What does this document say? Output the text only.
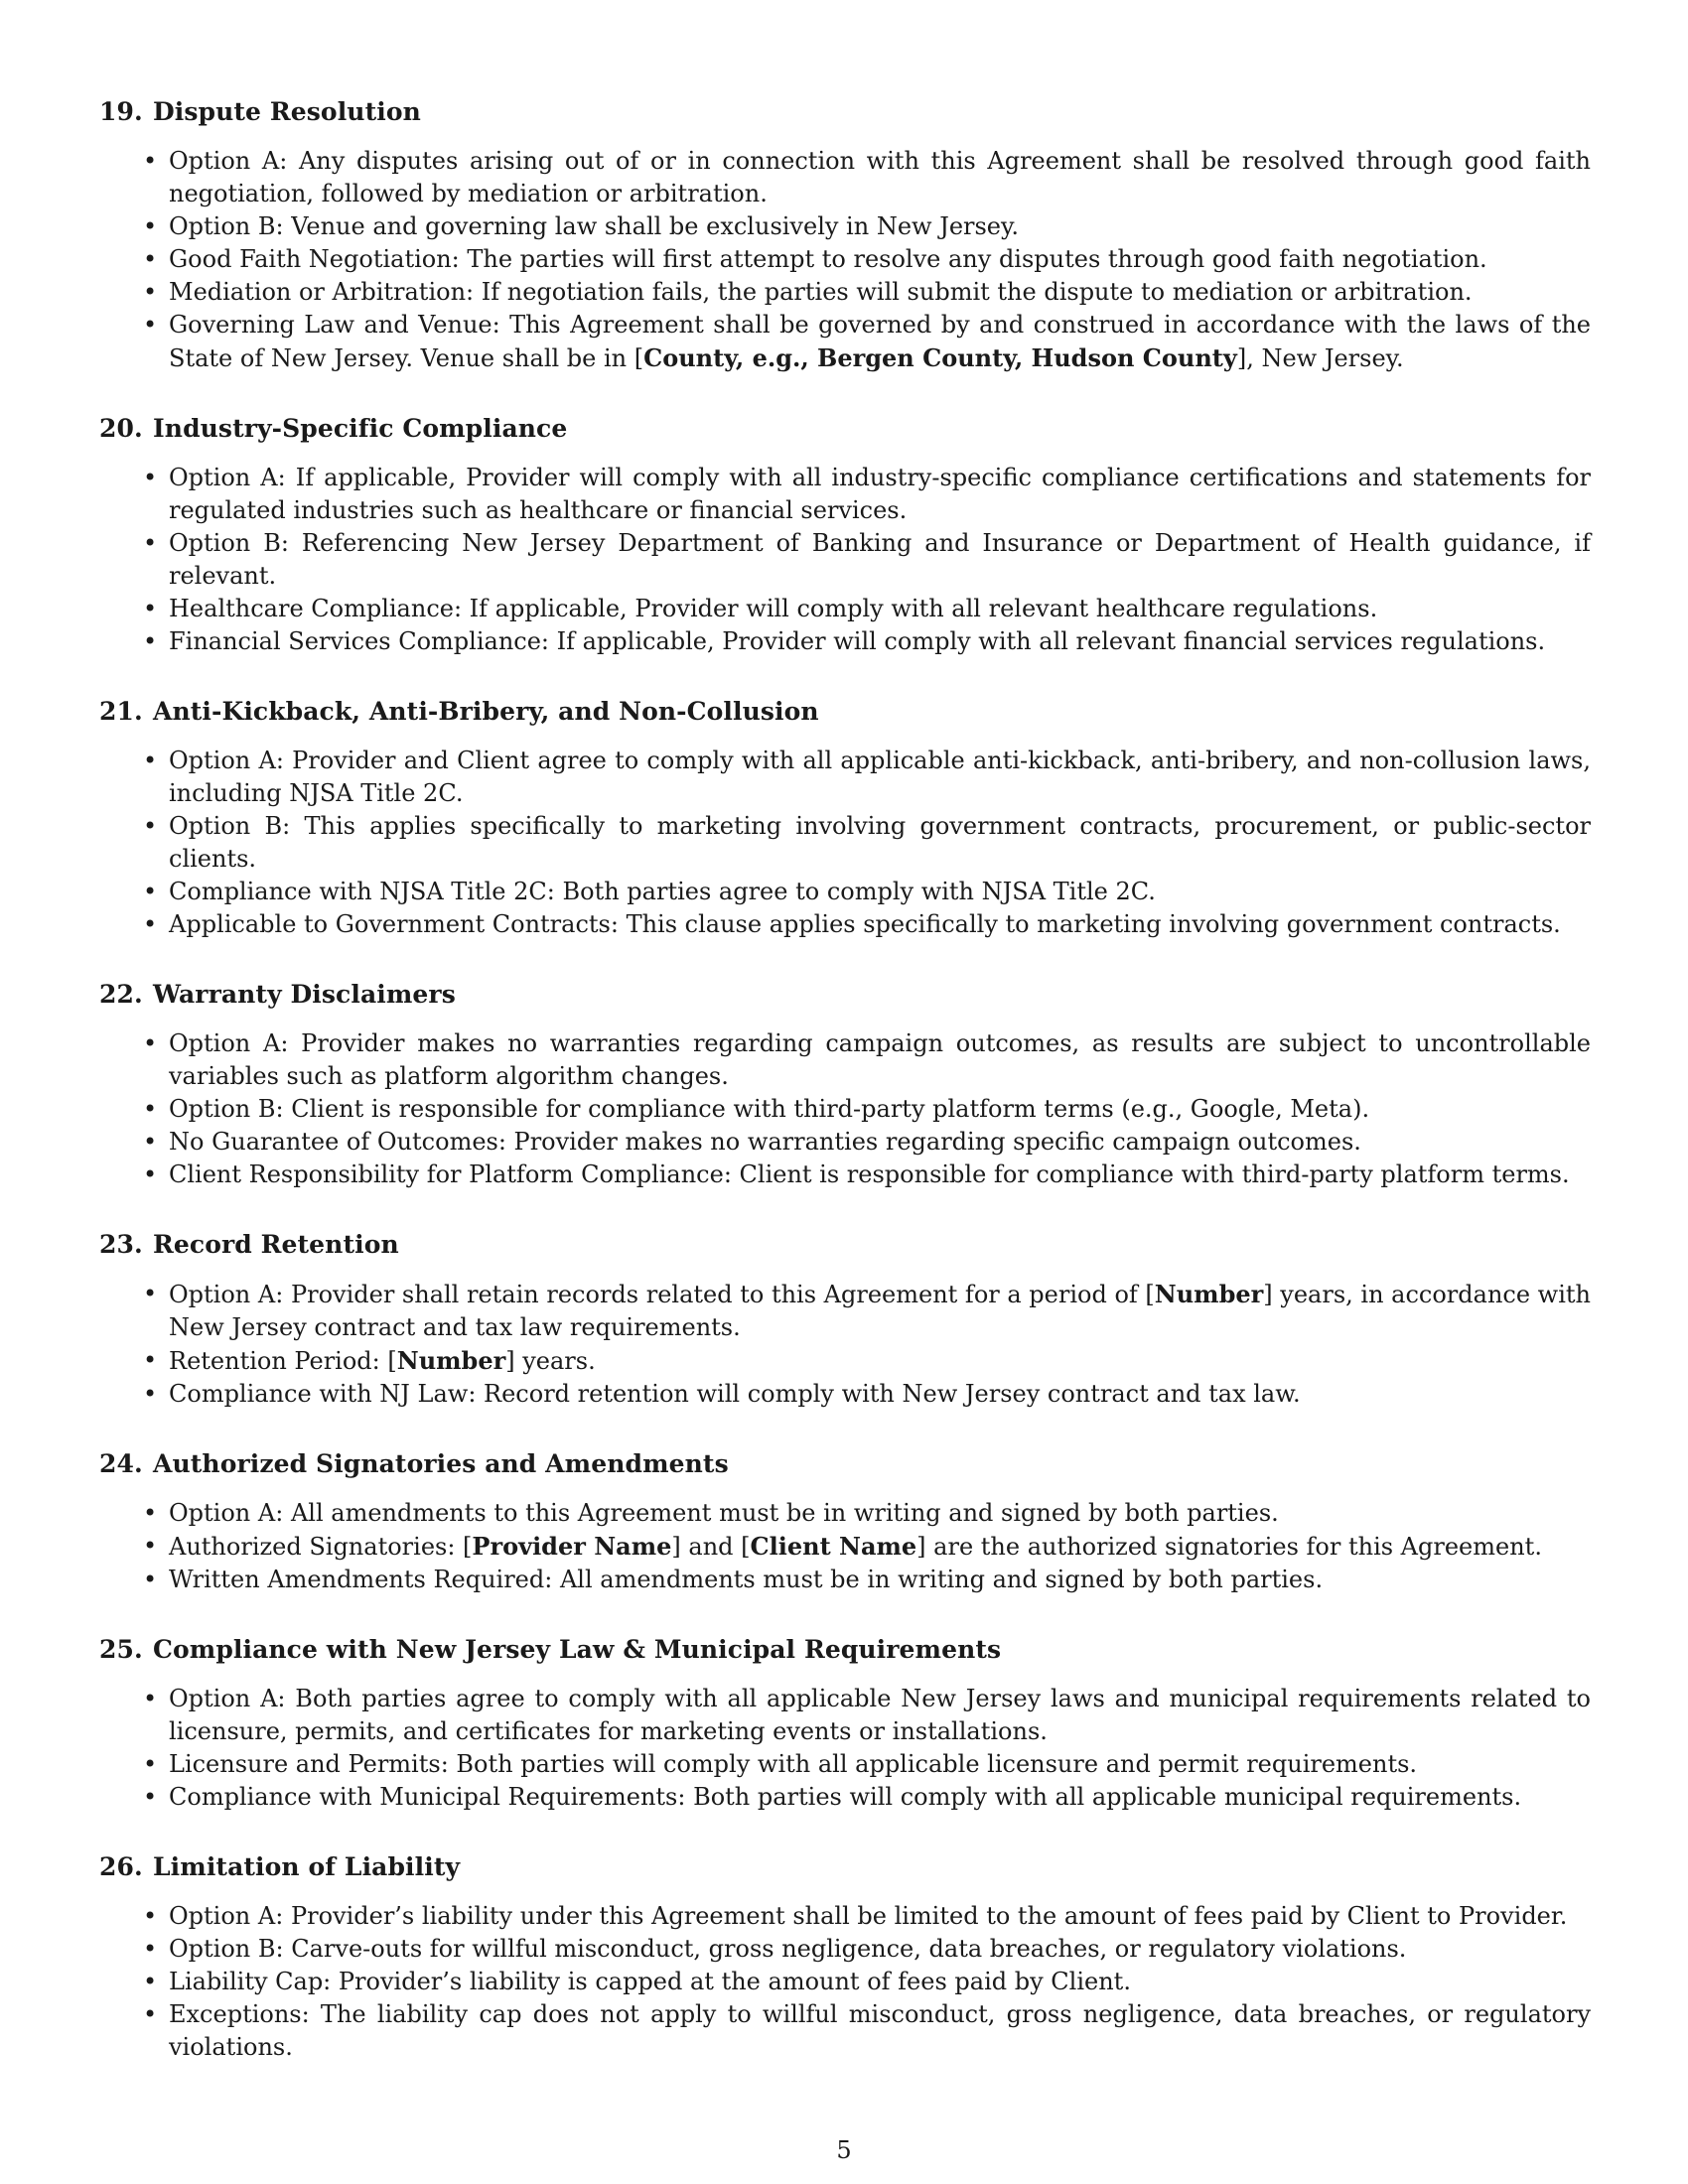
19. Dispute Resolution
• Option A: Any disputes arising out of or in connection with this Agreement shall be resolved through good faith negotiation, followed by mediation or arbitration.
• Option B: Venue and governing law shall be exclusively in New Jersey.
• Good Faith Negotiation: The parties will first attempt to resolve any disputes through good faith negotiation.
• Mediation or Arbitration: If negotiation fails, the parties will submit the dispute to mediation or arbitration.
• Governing Law and Venue: This Agreement shall be governed by and construed in accordance with the laws of the State of New Jersey. Venue shall be in [County, e.g., Bergen County, Hudson County], New Jersey.
20. Industry-Specific Compliance
• Option A: If applicable, Provider will comply with all industry-specific compliance certifications and statements for regulated industries such as healthcare or financial services.
• Option B: Referencing New Jersey Department of Banking and Insurance or Department of Health guidance, if relevant.
• Healthcare Compliance: If applicable, Provider will comply with all relevant healthcare regulations.
• Financial Services Compliance: If applicable, Provider will comply with all relevant financial services regulations.
21. Anti-Kickback, Anti-Bribery, and Non-Collusion
• Option A: Provider and Client agree to comply with all applicable anti-kickback, anti-bribery, and non-collusion laws, including NJSA Title 2C.
• Option B: This applies specifically to marketing involving government contracts, procurement, or public-sector clients.
• Compliance with NJSA Title 2C: Both parties agree to comply with NJSA Title 2C.
• Applicable to Government Contracts: This clause applies specifically to marketing involving government contracts.
22. Warranty Disclaimers
• Option A: Provider makes no warranties regarding campaign outcomes, as results are subject to uncontrollable variables such as platform algorithm changes.
• Option B: Client is responsible for compliance with third-party platform terms (e.g., Google, Meta).
• No Guarantee of Outcomes: Provider makes no warranties regarding specific campaign outcomes.
• Client Responsibility for Platform Compliance: Client is responsible for compliance with third-party platform terms.
23. Record Retention
• Option A: Provider shall retain records related to this Agreement for a period of [Number] years, in accordance with New Jersey contract and tax law requirements.
• Retention Period: [Number] years.
• Compliance with NJ Law: Record retention will comply with New Jersey contract and tax law.
24. Authorized Signatories and Amendments
• Option A: All amendments to this Agreement must be in writing and signed by both parties.
• Authorized Signatories: [Provider Name] and [Client Name] are the authorized signatories for this Agreement.
• Written Amendments Required: All amendments must be in writing and signed by both parties.
25. Compliance with New Jersey Law & Municipal Requirements
• Option A: Both parties agree to comply with all applicable New Jersey laws and municipal requirements related to licensure, permits, and certificates for marketing events or installations.
• Licensure and Permits: Both parties will comply with all applicable licensure and permit requirements.
• Compliance with Municipal Requirements: Both parties will comply with all applicable municipal requirements.
26. Limitation of Liability
• Option A: Provider’s liability under this Agreement shall be limited to the amount of fees paid by Client to Provider.
• Option B: Carve-outs for willful misconduct, gross negligence, data breaches, or regulatory violations.
• Liability Cap: Provider’s liability is capped at the amount of fees paid by Client.
• Exceptions: The liability cap does not apply to willful misconduct, gross negligence, data breaches, or regulatory violations.
5
